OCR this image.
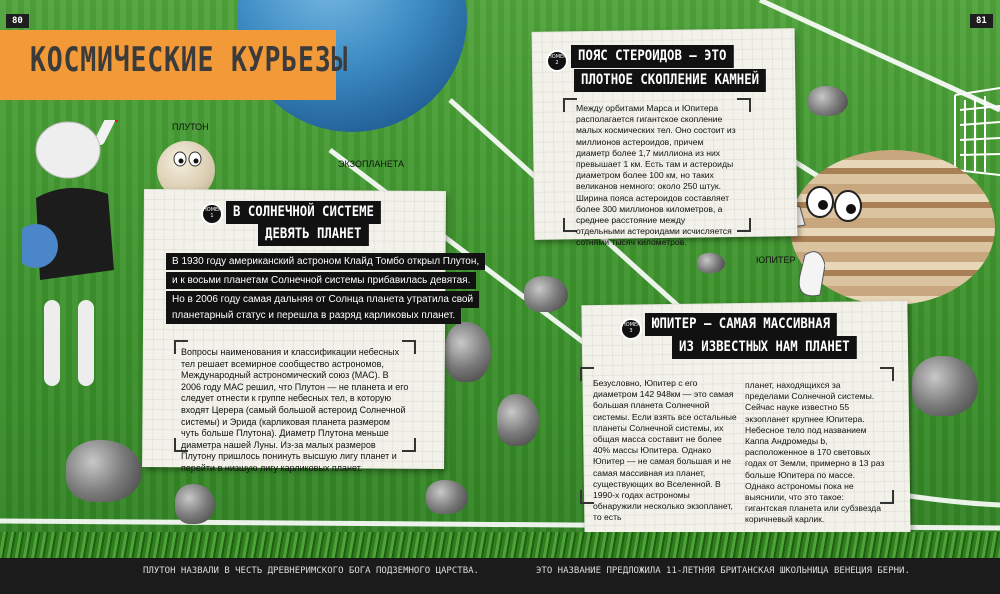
80	81
КОСМИЧЕСКИЕ КУРЬЕЗЫ
ПЛУТОН
ЭКЗОПЛАНЕТА
ЮПИТЕР
НОМЕР 1	В СОЛНЕЧНОЙ СИСТЕМЕ
ДЕВЯТЬ ПЛАНЕТ
В 1930 году американский астроном Клайд Томбо открыл Плутон,
и к восьми планетам Солнечной системы прибавилась девятая.
Но в 2006 году самая дальняя от Солнца планета утратила свой
планетарный статус и перешла в разряд карликовых планет.
Вопросы наименования и классификации небесных тел решает всемирное сообщество астрономов, Международный астрономический союз (МАС). В 2006 году МАС решил, что Плутон — не планета и его следует отнести к группе небесных тел, в которую входят Церера (самый большой астероид Солнечной системы) и Эрида (карликовая планета размером чуть больше Плутона). Диаметр Плутона меньше диаметра нашей Луны. Из-за малых размеров Плутону пришлось понинуть высшую лигу планет и перейти в низшую лигу карликовых планет.
НОМЕР 2	ПОЯС СТЕРОИДОВ — ЭТО
ПЛОТНОЕ СКОПЛЕНИЕ КАМНЕЙ
Между орбитами Марса и Юпитера располагается гигантское скопление малых космических тел. Оно состоит из миллионов астероидов, причем диаметр более 1,7 миллиона из них превышает 1 км. Есть там и астероиды диаметром более 100 км, но таких великанов немного: около 250 штук. Ширина пояса астероидов составляет более 300 миллионов километров, а среднее расстояние между отдельными астероидами исчисляется сотнями тысяч километров.
НОМЕР 3	ЮПИТЕР — САМАЯ МАССИВНАЯ
ИЗ ИЗВЕСТНЫХ НАМ ПЛАНЕТ
Безусловно, Юпитер с его диаметром 142 948км — это самая большая планета Солнечной системы. Если взять все остальные планеты Солнечной системы, их общая масса составит не более 40% массы Юпитера. Однако Юпитер — не самая большая и не самая массивная из планет, существующих во Вселенной. В 1990-х годах астрономы обнаружили несколько экзопланет, то есть
планет, находящихся за пределами Солнечной системы. Сейчас науке известно 55 экзопланет крупнее Юпитера. Небесное тело под названием Каппа Андромеды b, расположенное в 170 световых годах от Земли, примерно в 13 раз больше Юпитера по массе. Однако астрономы пока не выяснили, что это такое: гигантская планета или субзвезда коричневый карлик.
ПЛУТОН НАЗВАЛИ В ЧЕСТЬ ДРЕВНЕРИМСКОГО БОГА ПОДЗЕМНОГО ЦАРСТВА.	ЭТО НАЗВАНИЕ ПРЕДЛОЖИЛА 11-ЛЕТНЯЯ БРИТАНСКАЯ ШКОЛЬНИЦА ВЕНЕЦИЯ БЕРНИ.
